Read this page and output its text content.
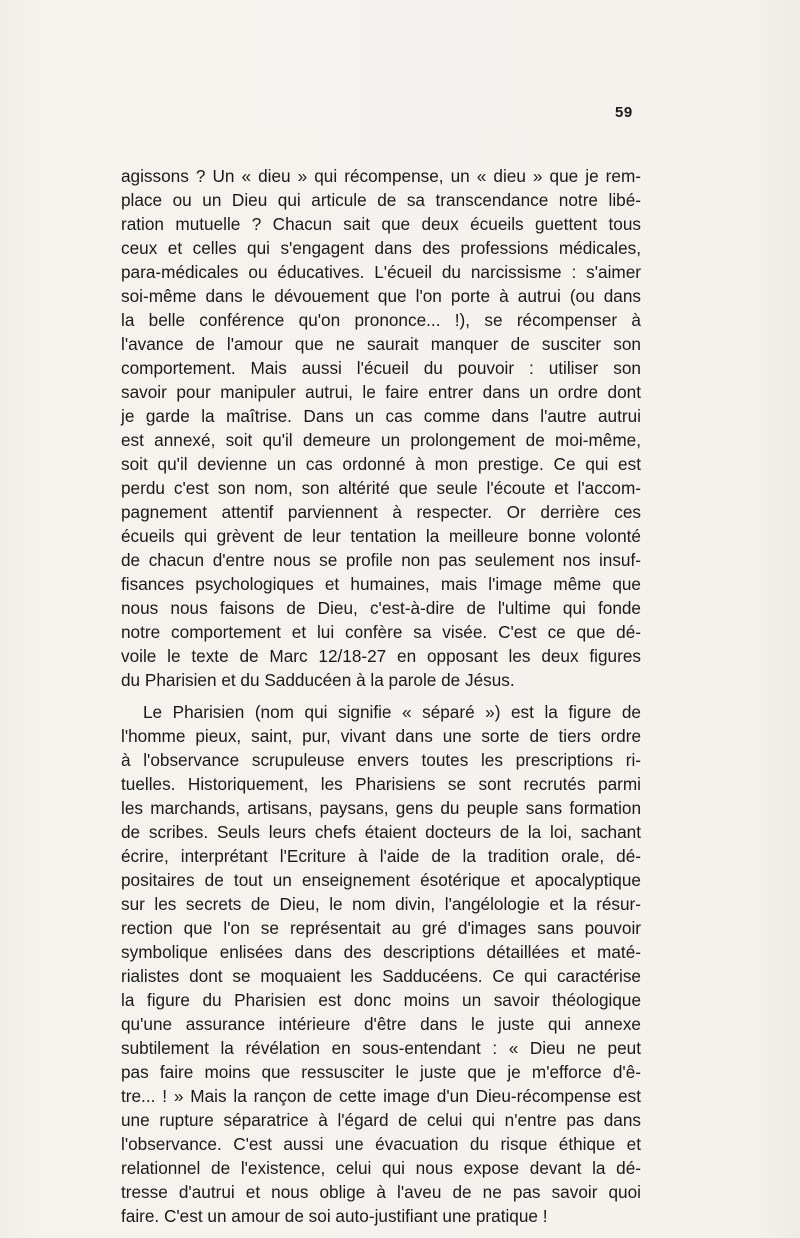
59
agissons ? Un « dieu » qui récompense, un « dieu » que je rem-
place ou un Dieu qui articule de sa transcendance notre libé-
ration mutuelle ? Chacun sait que deux écueils guettent tous
ceux et celles qui s'engagent dans des professions médicales,
para-médicales ou éducatives. L'écueil du narcissisme : s'aimer
soi-même dans le dévouement que l'on porte à autrui (ou dans
la belle conférence qu'on prononce... !), se récompenser à
l'avance de l'amour que ne saurait manquer de susciter son
comportement. Mais aussi l'écueil du pouvoir : utiliser son
savoir pour manipuler autrui, le faire entrer dans un ordre dont
je garde la maîtrise. Dans un cas comme dans l'autre autrui
est annexé, soit qu'il demeure un prolongement de moi-même,
soit qu'il devienne un cas ordonné à mon prestige. Ce qui est
perdu c'est son nom, son altérité que seule l'écoute et l'accom-
pagnement attentif parviennent à respecter. Or derrière ces
écueils qui grèvent de leur tentation la meilleure bonne volonté
de chacun d'entre nous se profile non pas seulement nos insuf-
fisances psychologiques et humaines, mais l'image même que
nous nous faisons de Dieu, c'est-à-dire de l'ultime qui fonde
notre comportement et lui confère sa visée. C'est ce que dé-
voile le texte de Marc 12/18-27 en opposant les deux figures
du Pharisien et du Sadducéen à la parole de Jésus.
Le Pharisien (nom qui signifie « séparé ») est la figure de
l'homme pieux, saint, pur, vivant dans une sorte de tiers ordre
à l'observance scrupuleuse envers toutes les prescriptions ri-
tuelles. Historiquement, les Pharisiens se sont recrutés parmi
les marchands, artisans, paysans, gens du peuple sans formation
de scribes. Seuls leurs chefs étaient docteurs de la loi, sachant
écrire, interprétant l'Ecriture à l'aide de la tradition orale, dé-
positaires de tout un enseignement ésotérique et apocalyptique
sur les secrets de Dieu, le nom divin, l'angélologie et la résur-
rection que l'on se représentait au gré d'images sans pouvoir
symbolique enlisées dans des descriptions détaillées et maté-
rialistes dont se moquaient les Sadducéens. Ce qui caractérise
la figure du Pharisien est donc moins un savoir théologique
qu'une assurance intérieure d'être dans le juste qui annexe
subtilement la révélation en sous-entendant : « Dieu ne peut
pas faire moins que ressusciter le juste que je m'efforce d'ê-
tre... ! » Mais la rançon de cette image d'un Dieu-récompense est
une rupture séparatrice à l'égard de celui qui n'entre pas dans
l'observance. C'est aussi une évacuation du risque éthique et
relationnel de l'existence, celui qui nous expose devant la dé-
tresse d'autrui et nous oblige à l'aveu de ne pas savoir quoi
faire. C'est un amour de soi auto-justifiant une pratique !
